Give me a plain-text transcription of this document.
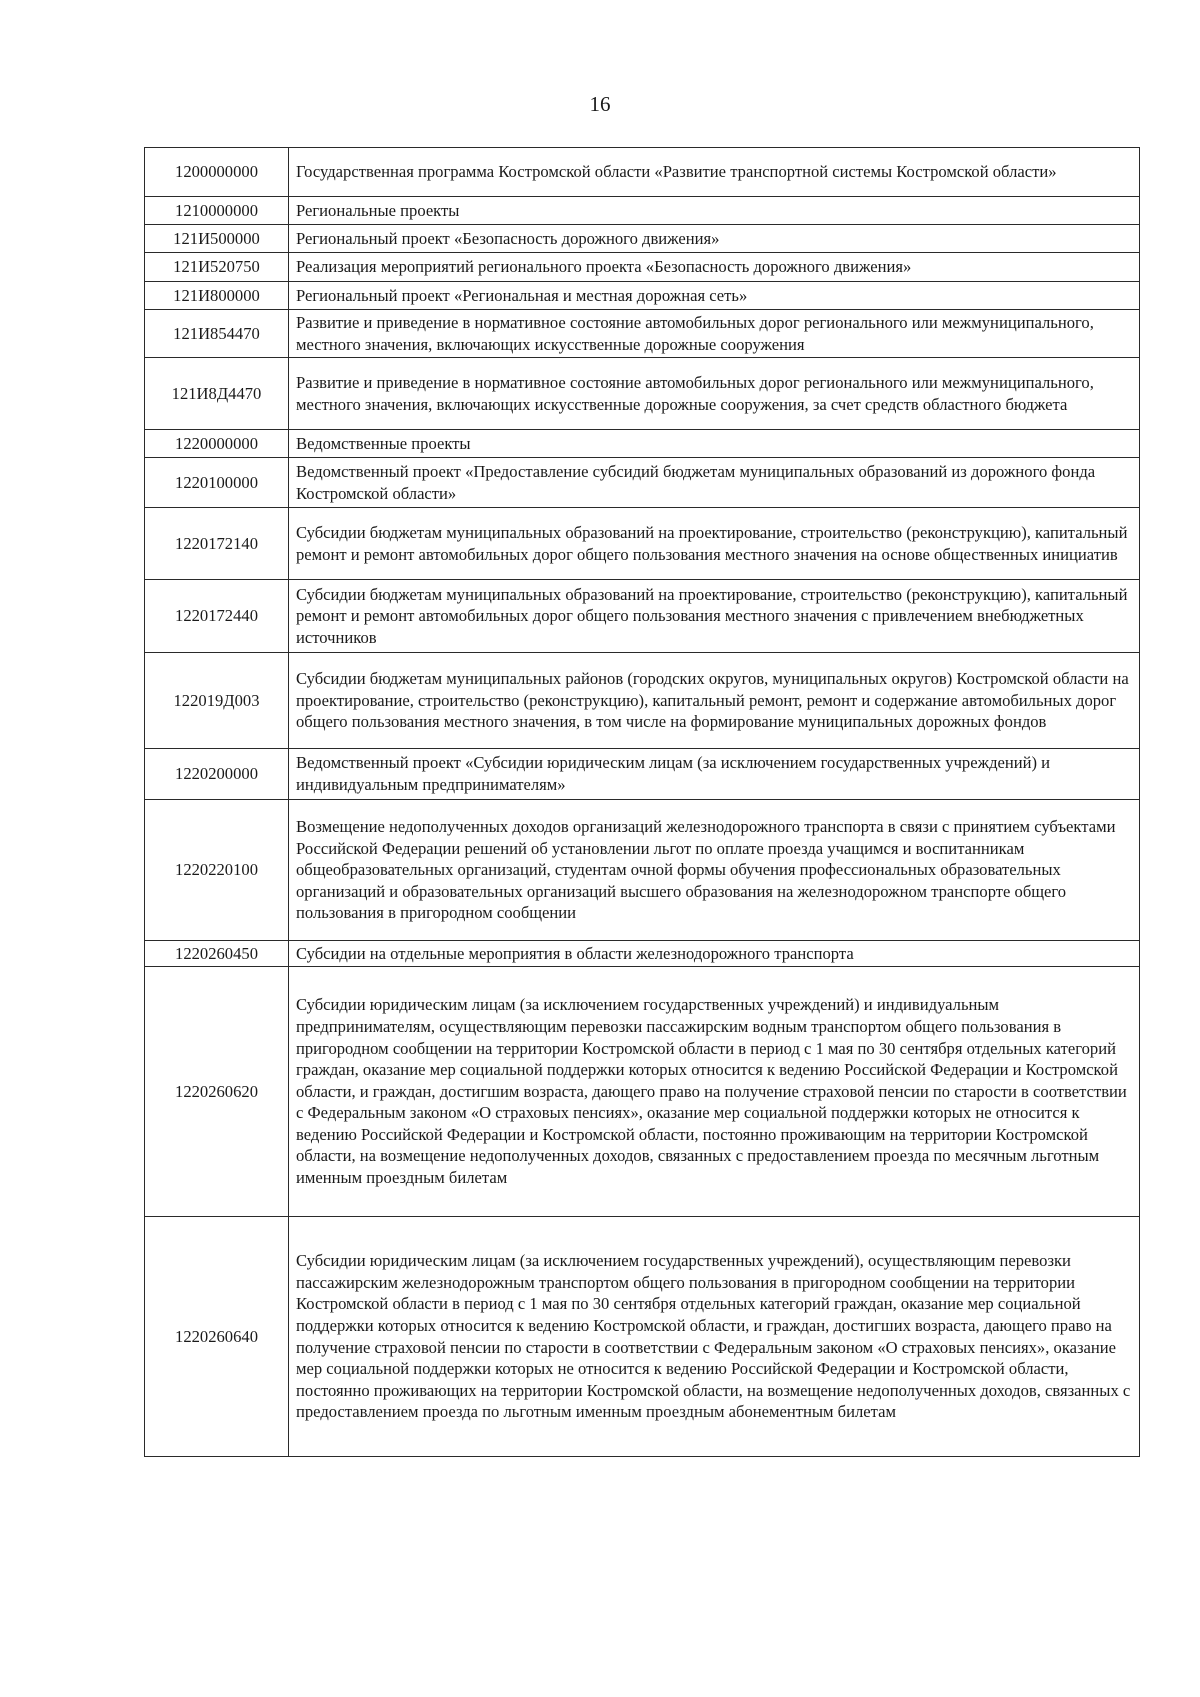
16
1200000000	Государственная программа Костромской области «Развитие транспортной системы Костромской области»
1210000000	Региональные проекты
121И500000	Региональный проект «Безопасность дорожного движения»
121И520750	Реализация мероприятий регионального проекта «Безопасность дорожного движения»
121И800000	Региональный проект «Региональная и местная дорожная сеть»
121И854470	Развитие и приведение в нормативное состояние автомобильных дорог регионального или межмуниципального, местного значения, включающих искусственные дорожные сооружения
121И8Д4470	Развитие и приведение в нормативное состояние автомобильных дорог регионального или межмуниципального, местного значения, включающих искусственные дорожные сооружения, за счет средств областного бюджета
1220000000	Ведомственные проекты
1220100000	Ведомственный проект «Предоставление субсидий бюджетам муниципальных образований из дорожного фонда Костромской области»
1220172140	Субсидии бюджетам муниципальных образований на проектирование, строительство (реконструкцию), капитальный ремонт и ремонт автомобильных дорог общего пользования местного значения на основе общественных инициатив
1220172440	Субсидии бюджетам муниципальных образований на проектирование, строительство (реконструкцию), капитальный ремонт и ремонт автомобильных дорог общего пользования местного значения с привлечением внебюджетных источников
122019Д003	Субсидии бюджетам муниципальных районов (городских округов, муниципальных округов) Костромской области на проектирование, строительство (реконструкцию), капитальный ремонт, ремонт и содержание автомобильных дорог общего пользования местного значения, в том числе на формирование муниципальных дорожных фондов
1220200000	Ведомственный проект «Субсидии юридическим лицам (за исключением государственных учреждений) и индивидуальным предпринимателям»
1220220100	Возмещение недополученных доходов организаций железнодорожного транспорта в связи с принятием субъектами Российской Федерации решений об установлении льгот по оплате проезда учащимся и воспитанникам общеобразовательных организаций, студентам очной формы обучения профессиональных образовательных организаций и образовательных организаций высшего образования на железнодорожном транспорте общего пользования в пригородном сообщении
1220260450	Субсидии на отдельные мероприятия в области железнодорожного транспорта
1220260620	Субсидии юридическим лицам (за исключением государственных учреждений) и индивидуальным предпринимателям, осуществляющим перевозки пассажирским водным транспортом общего пользования в пригородном сообщении на территории Костромской области в период с 1 мая по 30 сентября отдельных категорий граждан, оказание мер социальной поддержки которых относится к ведению Российской Федерации и Костромской области, и граждан, достигшим возраста, дающего право на получение страховой пенсии по старости в соответствии с Федеральным законом «О страховых пенсиях», оказание мер социальной поддержки которых не относится к ведению Российской Федерации и Костромской области, постоянно проживающим на территории Костромской области, на возмещение недополученных доходов, связанных с предоставлением проезда по месячным льготным именным проездным билетам
1220260640	Субсидии юридическим лицам (за исключением государственных учреждений), осуществляющим перевозки пассажирским железнодорожным транспортом общего пользования в пригородном сообщении на территории Костромской области в период с 1 мая по 30 сентября отдельных категорий граждан, оказание мер социальной поддержки которых относится к ведению Костромской области, и граждан, достигших возраста, дающего право на получение страховой пенсии по старости в соответствии с Федеральным законом «О страховых пенсиях», оказание мер социальной поддержки которых не относится к ведению Российской Федерации и Костромской области, постоянно проживающих на территории Костромской области, на возмещение недополученных доходов, связанных с предоставлением проезда по льготным именным проездным абонементным билетам
